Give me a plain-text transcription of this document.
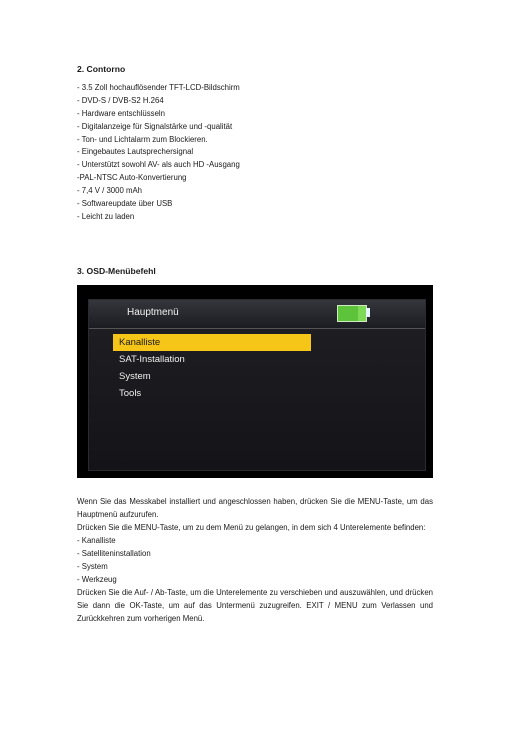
2. Contorno
- 3.5 Zoll hochauflösender TFT-LCD-Bildschirm
- DVD-S / DVB-S2 H.264
- Hardware entschlüsseln
- Digitalanzeige für Signalstärke und -qualität
- Ton- und Lichtalarm zum Blockieren.
- Eingebautes Lautsprechersignal
- Unterstützt sowohl AV- als auch HD -Ausgang
-PAL-NTSC Auto-Konvertierung
- 7,4 V / 3000 mAh
- Softwareupdate über USB
- Leicht zu laden
3. OSD-Menübefehl
Hauptmenü
Kanalliste
SAT-Installation
System
Tools

Wenn Sie das Messkabel installiert und angeschlossen haben, drücken Sie die MENU-Taste, um das Hauptmenü aufzurufen.

Drücken Sie die MENU-Taste, um zu dem Menü zu gelangen, in dem sich 4 Unterelemente befinden:

- Kanalliste
- Satelliteninstallation
- System
- Werkzeug

Drücken Sie die Auf- / Ab-Taste, um die Unterelemente zu verschieben und auszuwählen, und drücken Sie dann die OK-Taste, um auf das Untermenü zuzugreifen. EXIT / MENU zum Verlassen und Zurückkehren zum vorherigen Menü.
